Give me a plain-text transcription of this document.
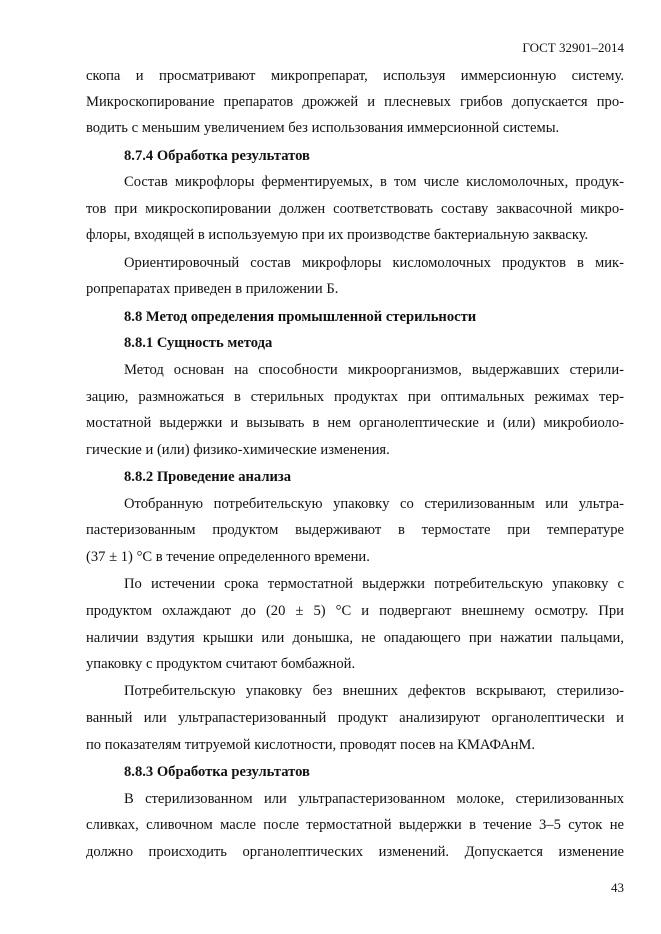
ГОСТ 32901–2014
скопа и просматривают микропрепарат, используя иммерсионную систему.
Микроскопирование препаратов дрожжей и плесневых грибов допускается про-
водить с меньшим увеличением без использования иммерсионной системы.
8.7.4 Обработка результатов
Состав микрофлоры ферментируемых, в том числе кисломолочных, продук-
тов при микроскопировании должен соответствовать составу заквасочной микро-
флоры, входящей в используемую при их производстве бактериальную закваску.
Ориентировочный состав микрофлоры кисломолочных продуктов в мик-
ропрепаратах приведен в приложении Б.
8.8 Метод определения промышленной стерильности
8.8.1 Сущность метода
Метод основан на способности микроорганизмов, выдержавших стерили-
зацию, размножаться в стерильных продуктах при оптимальных режимах тер-
мостатной выдержки и вызывать в нем органолептические и (или) микробиоло-
гические и (или) физико-химические изменения.
8.8.2 Проведение анализа
Отобранную потребительскую упаковку со стерилизованным или ультра-
пастеризованным продуктом выдерживают в термостате при температуре
(37 ± 1) °С в течение определенного времени.
По истечении срока термостатной выдержки потребительскую упаковку с
продуктом охлаждают до (20 ± 5) °С и подвергают внешнему осмотру. При
наличии вздутия крышки или донышка, не опадающего при нажатии пальцами,
упаковку с продуктом считают бомбажной.
Потребительскую упаковку без внешних дефектов вскрывают, стерилизо-
ванный или ультрапастеризованный продукт анализируют органолептически и
по показателям титруемой кислотности, проводят посев на КМАФАнМ.
8.8.3 Обработка результатов
В стерилизованном или ультрапастеризованном молоке, стерилизованных
сливках, сливочном масле после термостатной выдержки в течение 3–5 суток не
должно происходить органолептических изменений. Допускается изменение
43
